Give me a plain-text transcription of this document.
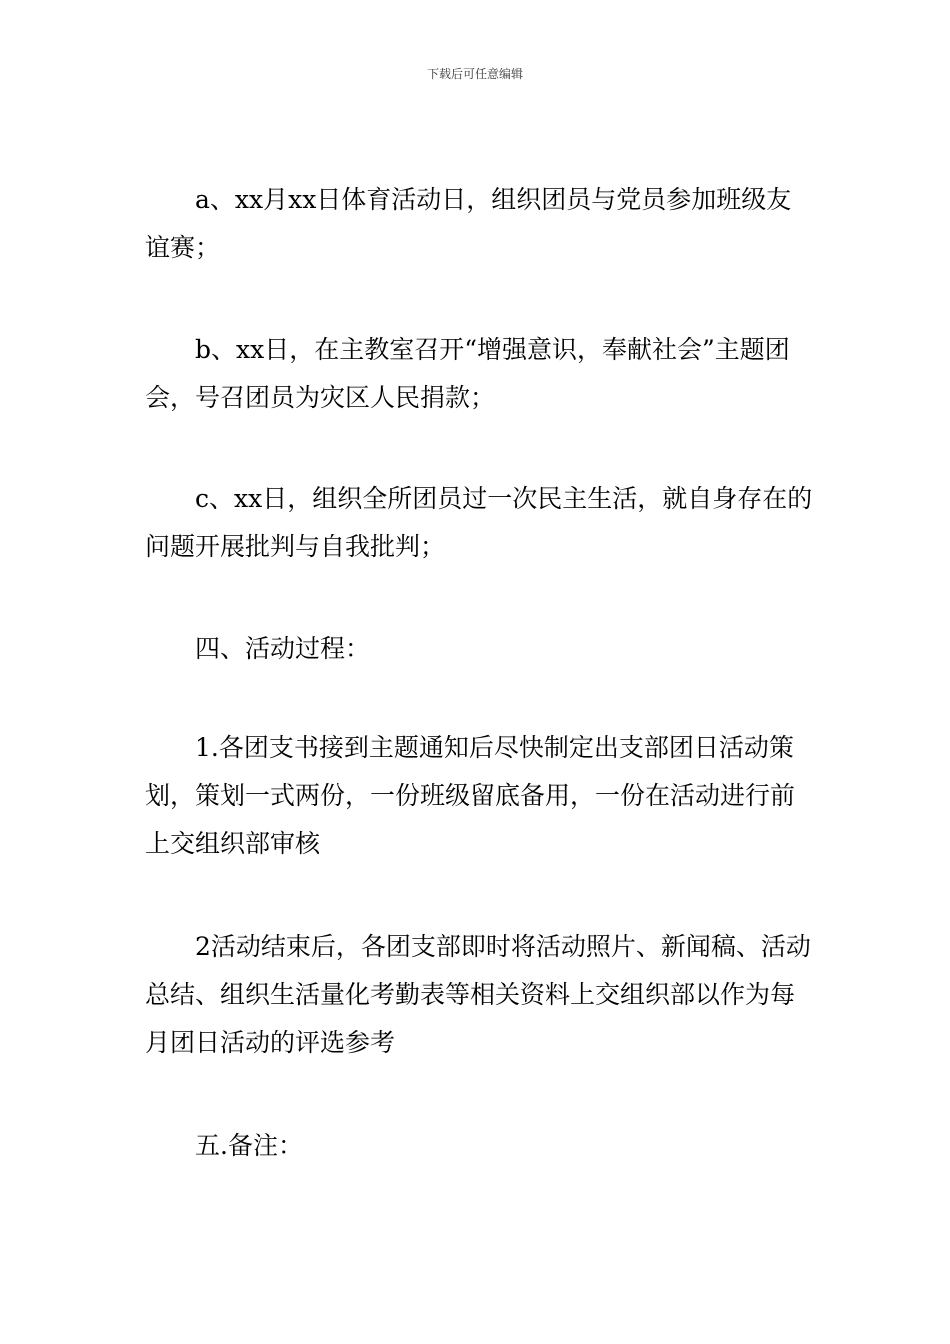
下载后可任意编辑

a、xx月xx日体育活动日，组织团员与党员参加班级友谊赛；

b、xx日，在主教室召开“增强意识，奉献社会”主题团会，号召团员为灾区人民捐款；

c、xx日，组织全所团员过一次民主生活，就自身存在的问题开展批判与自我批判；

四、活动过程：

1.各团支书接到主题通知后尽快制定出支部团日活动策划，策划一式两份，一份班级留底备用，一份在活动进行前上交组织部审核

2活动结束后，各团支部即时将活动照片、新闻稿、活动总结、组织生活量化考勤表等相关资料上交组织部以作为每月团日活动的评选参考

五.备注：
